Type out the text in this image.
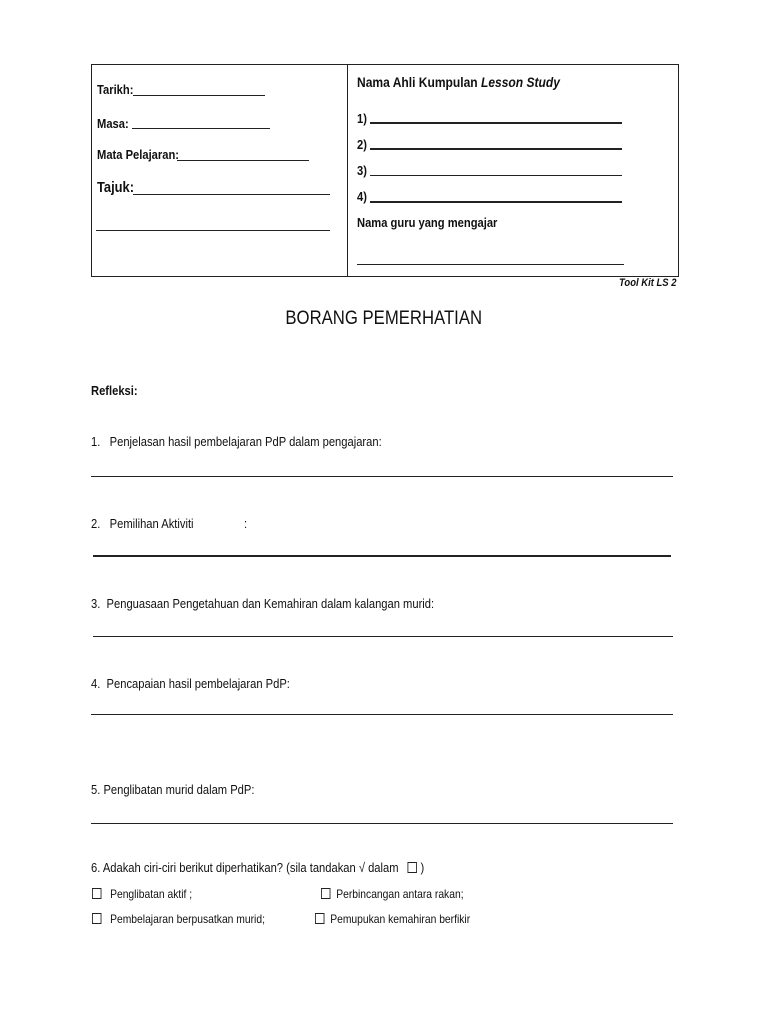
Tarikh:
Masa:
Mata Pelajaran:
Tajuk:
Nama Ahli Kumpulan Lesson Study
1)
2)
3)
4)
Nama guru yang mengajar
Tool Kit LS 2
BORANG PEMERHATIAN
Refleksi:
1. Penjelasan hasil pembelajaran PdP dalam pengajaran:
2. Pemilihan Aktiviti	:
3. Penguasaan Pengetahuan dan Kemahiran dalam kalangan murid:
4. Pencapaian hasil pembelajaran PdP:
5. Penglibatan murid dalam PdP:
6. Adakah ciri-ciri berikut diperhatikan? (sila tandakan √ dalam )
Penglibatan aktif ;	Perbincangan antara rakan;
Pembelajaran berpusatkan murid;	Pemupukan kemahiran berfikir
